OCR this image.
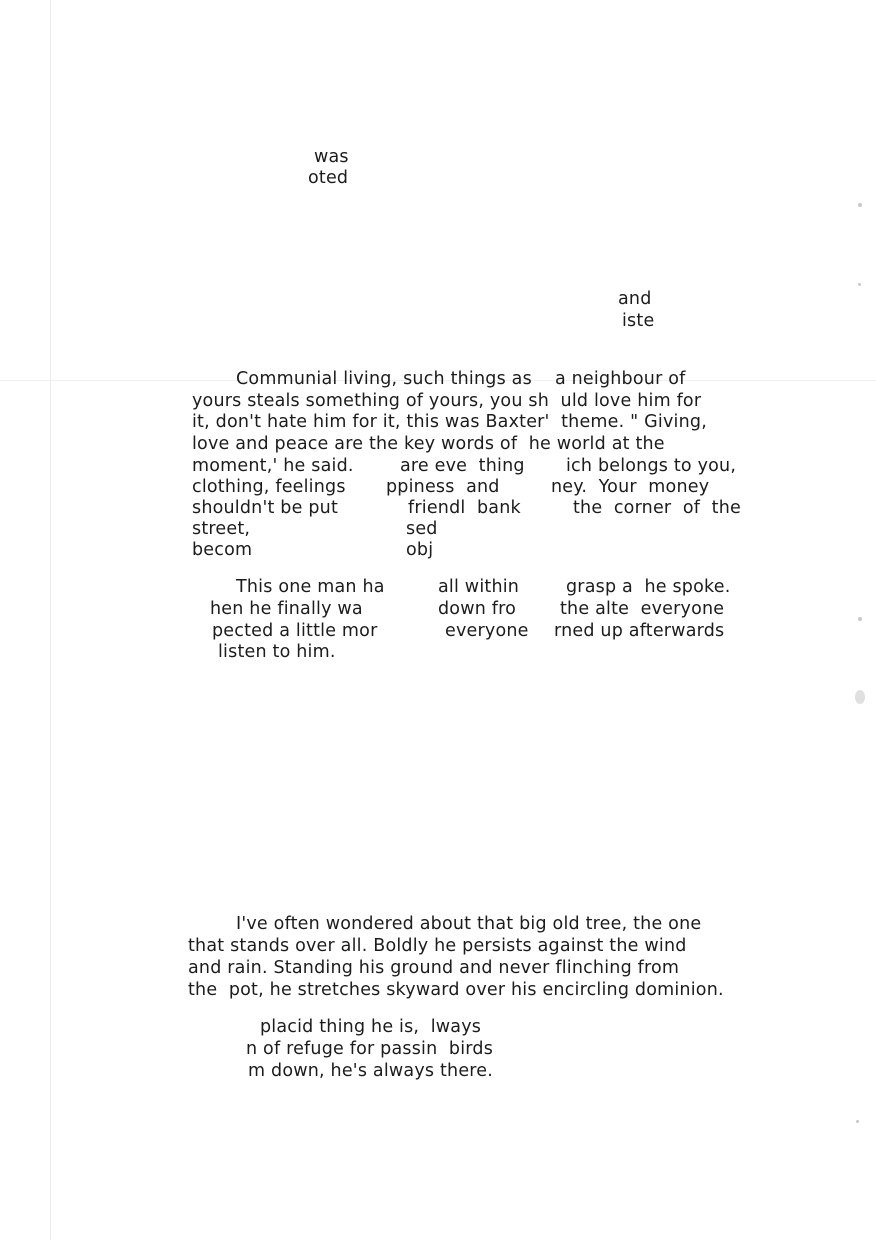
was
oted
and
iste
Communial living, such things as    a neighbour of
yours steals something of yours, you sh  uld love him for
it, don't hate him for it, this was Baxter'  theme. " Giving,
love and peace are the key words of  he world at the
moment,' he said.
clothing, feelings
shouldn't be put
street,
becom
are eve  thing
ppiness  and
friendl  bank
sed
obj
ich belongs to you,
ney.  Your  money
the  corner  of  the
This one man ha
hen he finally wa
pected a little mor
listen to him.
all within
down fro
everyone
grasp a  he spoke.
the alte  everyone
rned up afterwards
I've often wondered about that big old tree, the one
that stands over all. Boldly he persists against the wind
and rain. Standing his ground and never flinching from
the  pot, he stretches skyward over his encircling dominion.
placid thing he is,  lways
n of refuge for passin  birds
m down, he's always there.
